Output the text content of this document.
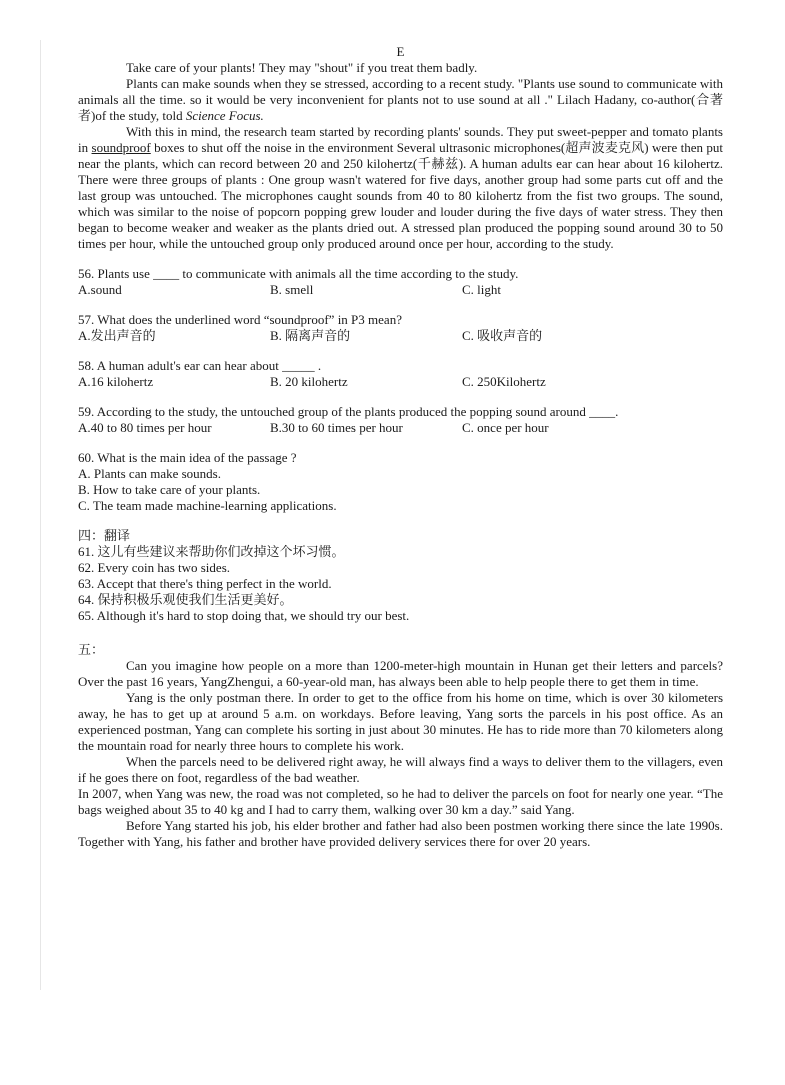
E

Take care of your plants! They may "shout" if you treat them badly.

Plants can make sounds when they se stressed, according to a recent study. "Plants use sound to communicate with animals all the time. so it would be very inconvenient for plants not to use sound at all ." Lilach Hadany, co-author(合著者)of the study, told Science Focus.

With this in mind, the research team started by recording plants' sounds. They put sweet-pepper and tomato plants in soundproof boxes to shut off the noise in the environment Several ultrasonic microphones(超声波麦克风) were then put near the plants, which can record between 20 and 250 kilohertz(千赫兹). A human adults ear can hear about 16 kilohertz. There were three groups of plants : One group wasn't watered for five days, another group had some parts cut off and the last group was untouched. The microphones caught sounds from 40 to 80 kilohertz from the fist two groups. The sound, which was similar to the noise of popcorn popping grew louder and louder during the five days of water stress. They then began to become weaker and weaker as the plants dried out. A stressed plan produced the popping sound around 30 to 50 times per hour, while the untouched group only produced around once per hour, according to the study.

56. Plants use ____ to communicate with animals all the time according to the study.

A.sound	B. smell	C. light

57. What does the underlined word “soundproof” in P3 mean?

A.发出声音的	B. 隔离声音的	C. 吸收声音的

58. A human adult's ear can hear about _____ .

A.16 kilohertz	B. 20 kilohertz	C. 250Kilohertz

59. According to the study, the untouched group of the plants produced the popping sound around ____.

A.40 to 80 times per hour	B.30 to 60 times per hour	C. once per hour

60. What is the main idea of the passage ?

A. Plants can make sounds.

B. How to take care of your plants.

C. The team made machine-learning applications.

四：翻译

61. 这儿有些建议来帮助你们改掉这个坏习惯。

62. Every coin has two sides.

63. Accept that there's thing perfect in the world.

64. 保持积极乐观使我们生活更美好。

65. Although it's hard to stop doing that, we should try our best.

五：

Can you imagine how people on a more than 1200-meter-high mountain in Hunan get their letters and parcels? Over the past 16 years, YangZhengui, a 60-year-old man, has always been able to help people there to get them in time.

Yang is the only postman there. In order to get to the office from his home on time, which is over 30 kilometers away, he has to get up at around 5 a.m. on workdays. Before leaving, Yang sorts the parcels in his post office. As an experienced postman, Yang can complete his sorting in just about 30 minutes. He has to ride more than 70 kilometers along the mountain road for nearly three hours to complete his work.

When the parcels need to be delivered right away, he will always find a ways to deliver them to the villagers, even if he goes there on foot, regardless of the bad weather.

In 2007, when Yang was new, the road was not completed, so he had to deliver the parcels on foot for nearly one year. “The bags weighed about 35 to 40 kg and I had to carry them, walking over 30 km a day.” said Yang.

Before Yang started his job, his elder brother and father had also been postmen working there since the late 1990s. Together with Yang, his father and brother have provided delivery services there for over 20 years.
